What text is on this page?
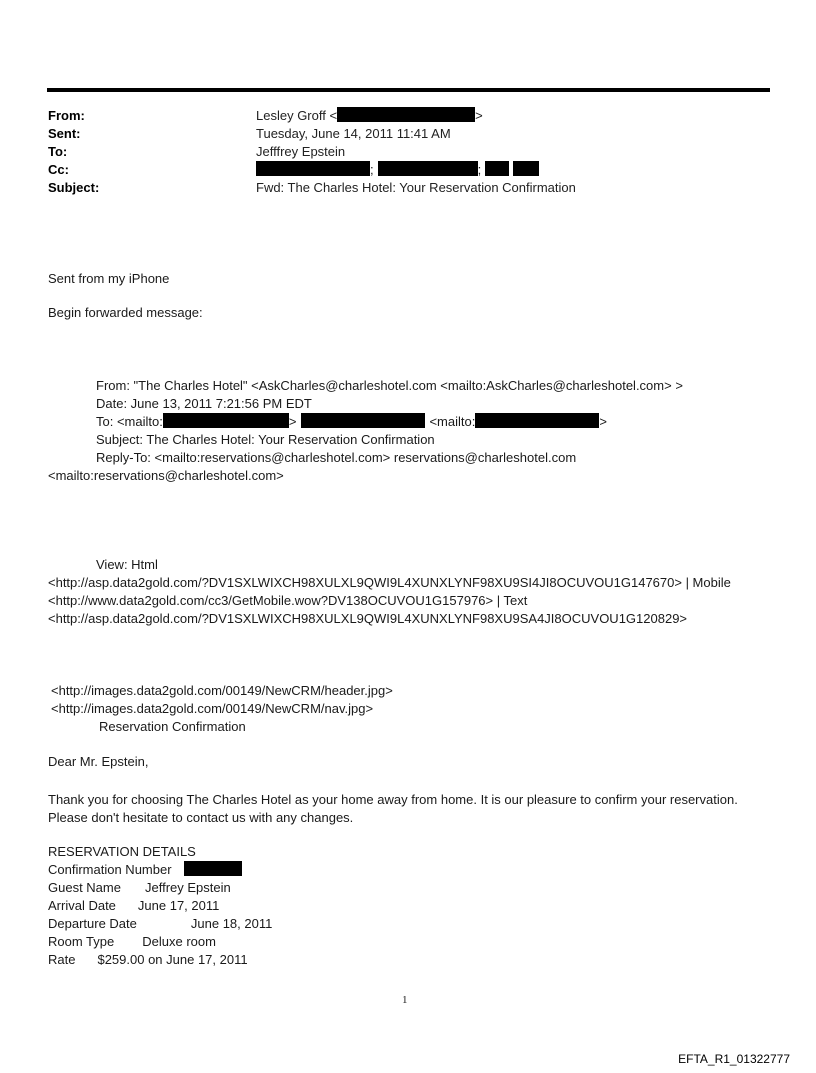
From:	Lesley Groff <	>
Sent:	Tuesday, June 14, 2011 11:41 AM
To:	Jefffrey Epstein
Cc:	;	;
Subject:	Fwd: The Charles Hotel: Your Reservation Confirmation
Sent from my iPhone
Begin forwarded message:
From: "The Charles Hotel" <AskCharles@charleshotel.com <mailto:AskCharles@charleshotel.com> >
Date: June 13, 2011 7:21:56 PM EDT
To: <mailto:	>	<mailto:	>
Subject: The Charles Hotel: Your Reservation Confirmation
Reply-To: <mailto:reservations@charleshotel.com> reservations@charleshotel.com
<mailto:reservations@charleshotel.com>
View: Html
<http://asp.data2gold.com/?DV1SXLWIXCH98XULXL9QWI9L4XUNXLYNF98XU9SI4JI8OCUVOU1G147670> | Mobile
<http://www.data2gold.com/cc3/GetMobile.wow?DV138OCUVOU1G157976> | Text
<http://asp.data2gold.com/?DV1SXLWIXCH98XULXL9QWI9L4XUNXLYNF98XU9SA4JI8OCUVOU1G120829>
<http://images.data2gold.com/00149/NewCRM/header.jpg>
<http://images.data2gold.com/00149/NewCRM/nav.jpg>
Reservation Confirmation
Dear Mr. Epstein,
Thank you for choosing The Charles Hotel as your home away from home. It is our pleasure to confirm your reservation.
Please don't hesitate to contact us with any changes.
RESERVATION DETAILS
Confirmation Number
Guest Name Jeffrey Epstein
Arrival Date June 17, 2011
Departure Date	June 18, 2011
Room Type Deluxe room
Rate $259.00 on June 17, 2011
1
EFTA_R1_01322777
